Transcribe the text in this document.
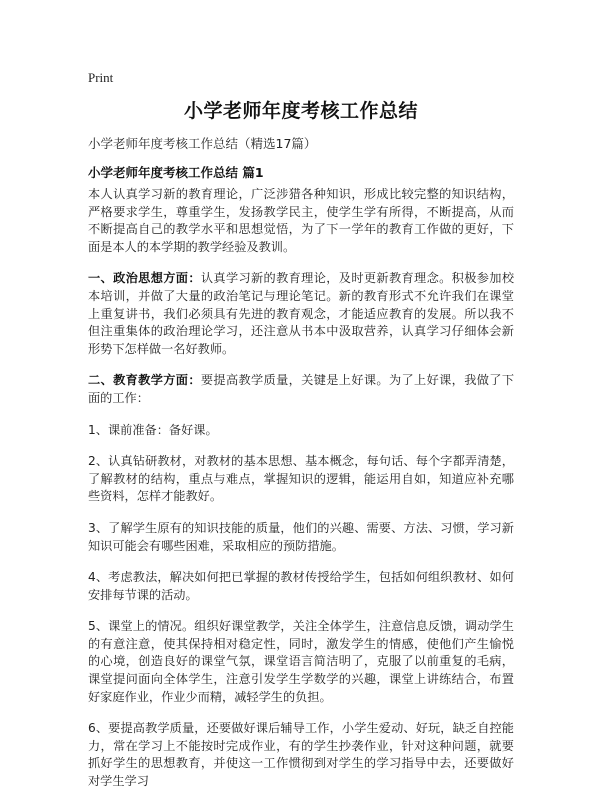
Print
小学老师年度考核工作总结
小学老师年度考核工作总结（精选17篇）
小学老师年度考核工作总结 篇1

本人认真学习新的教育理论，广泛涉猎各种知识，形成比较完整的知识结构，严格要求学生，尊重学生，发扬教学民主，使学生学有所得，不断提高，从而不断提高自己的教学水平和思想觉悟，为了下一学年的教育工作做的更好，下面是本人的本学期的教学经验及教训。

一、政治思想方面：认真学习新的教育理论，及时更新教育理念。积极参加校本培训，并做了大量的政治笔记与理论笔记。新的教育形式不允许我们在课堂上重复讲书，我们必须具有先进的教育观念，才能适应教育的发展。所以我不但注重集体的政治理论学习，还注意从书本中汲取营养，认真学习仔细体会新形势下怎样做一名好教师。

二、教育教学方面：要提高教学质量，关键是上好课。为了上好课，我做了下面的工作：

1、课前准备：备好课。

2、认真钻研教材，对教材的基本思想、基本概念，每句话、每个字都弄清楚，了解教材的结构，重点与难点，掌握知识的逻辑，能运用自如，知道应补充哪些资料，怎样才能教好。

3、了解学生原有的知识技能的质量，他们的兴趣、需要、方法、习惯，学习新知识可能会有哪些困难，采取相应的预防措施。

4、考虑教法，解决如何把已掌握的教材传授给学生，包括如何组织教材、如何安排每节课的活动。

5、课堂上的情况。组织好课堂教学，关注全体学生，注意信息反馈，调动学生的有意注意，使其保持相对稳定性，同时，激发学生的情感，使他们产生愉悦的心境，创造良好的课堂气氛，课堂语言简洁明了，克服了以前重复的毛病，课堂提问面向全体学生，注意引发学生学数学的兴趣，课堂上讲练结合，布置好家庭作业，作业少而精，减轻学生的负担。

6、要提高教学质量，还要做好课后辅导工作，小学生爱动、好玩，缺乏自控能力，常在学习上不能按时完成作业，有的学生抄袭作业，针对这种问题，就要抓好学生的思想教育，并使这一工作惯彻到对学生的学习指导中去，还要做好对学生学习
